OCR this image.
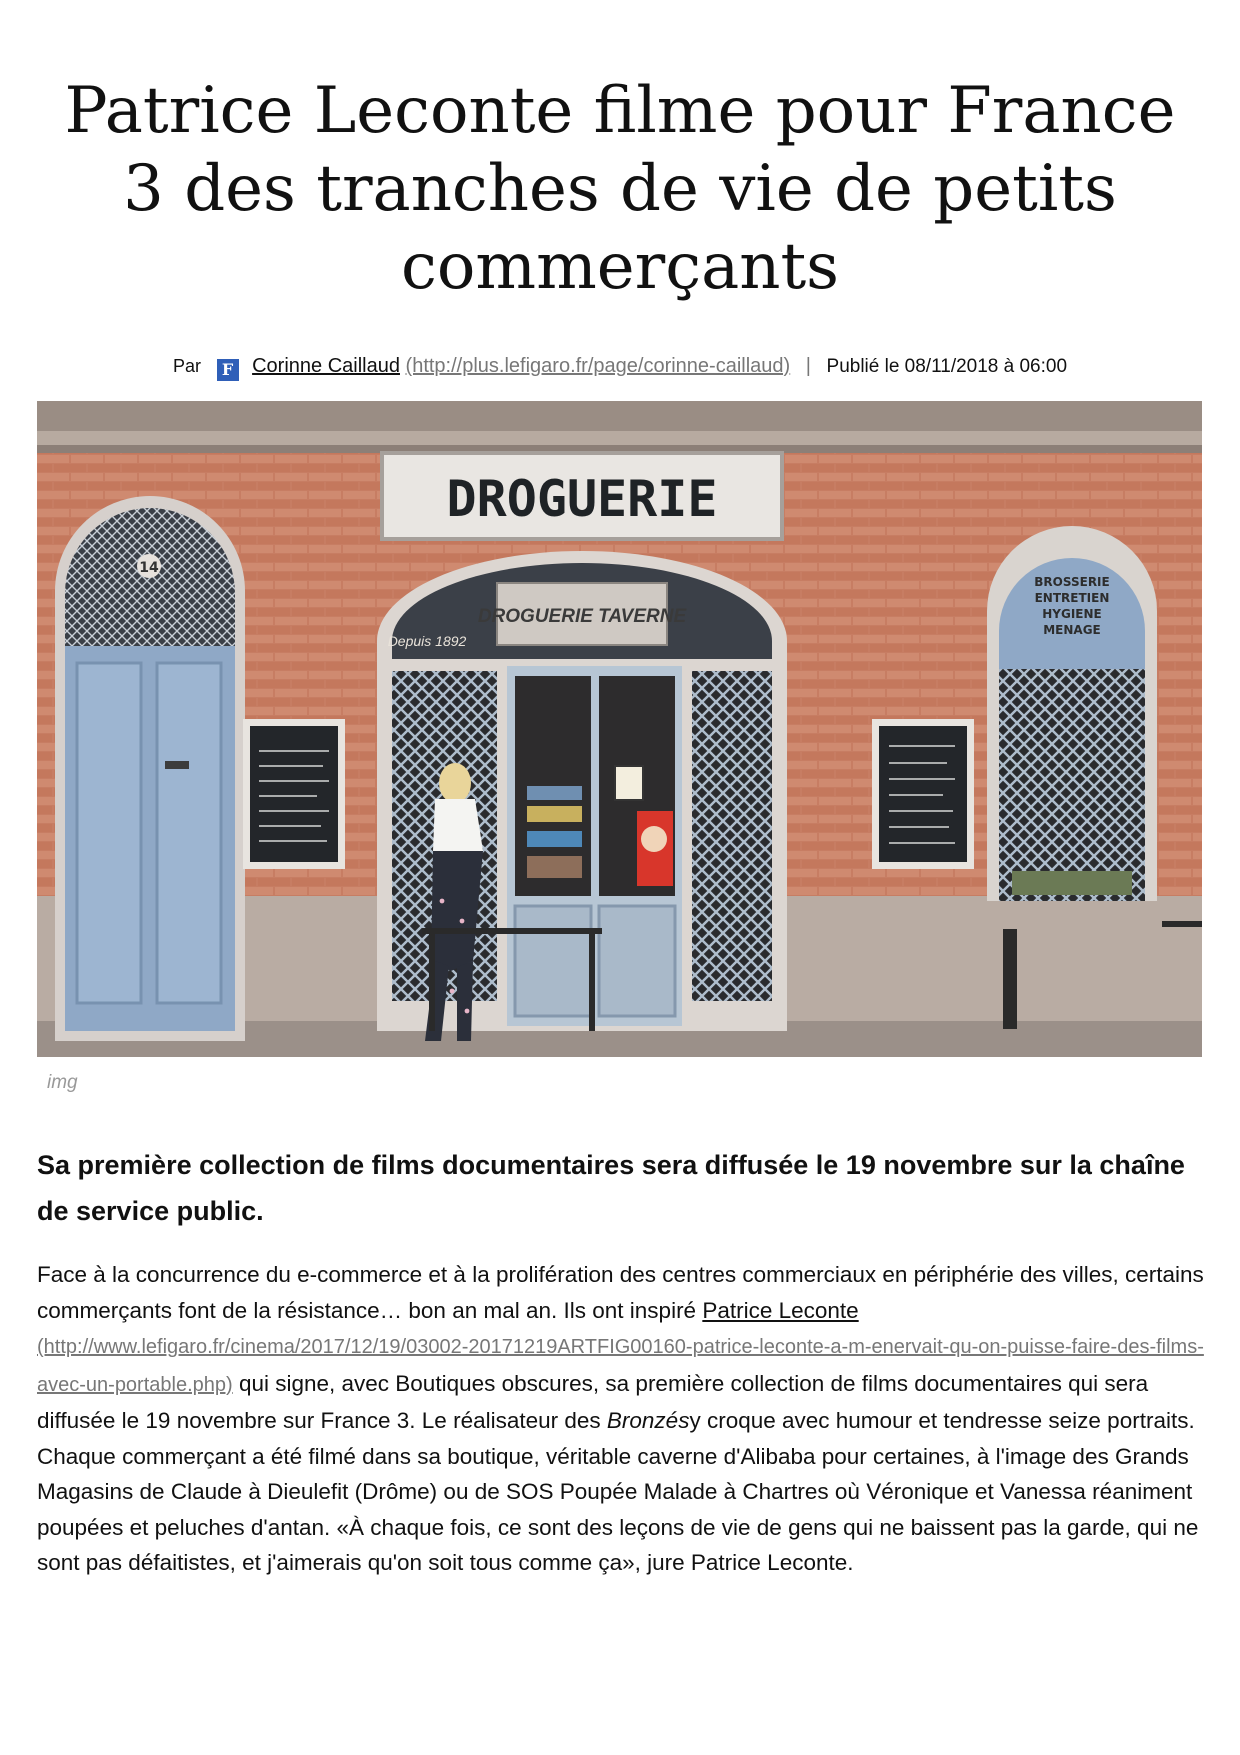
Patrice Leconte filme pour France 3 des tranches de vie de petits commerçants
Par F Corinne Caillaud (http://plus.lefigaro.fr/page/corinne-caillaud) | Publié le 08/11/2018 à 06:00
14
DROGUERIE
DROGUERIE TAVERNE
Depuis 1892
BROSSERIE
ENTRETIEN
HYGIENE
MENAGE
img

Sa première collection de films documentaires sera diffusée le 19 novembre sur la chaîne de service public.

Face à la concurrence du e-commerce et à la prolifération des centres commerciaux en périphérie des villes, certains commerçants font de la résistance… bon an mal an. Ils ont inspiré Patrice Leconte (http://www.lefigaro.fr/cinema/2017/12/19/03002-20171219ARTFIG00160-patrice-leconte-a-m-enervait-qu-on-puisse-faire-des-films-avec-un-portable.php) qui signe, avec Boutiques obscures, sa première collection de films documentaires qui sera diffusée le 19 novembre sur France 3. Le réalisateur des Bronzésy croque avec humour et tendresse seize portraits. Chaque commerçant a été filmé dans sa boutique, véritable caverne d'Alibaba pour certaines, à l'image des Grands Magasins de Claude à Dieulefit (Drôme) ou de SOS Poupée Malade à Chartres où Véronique et Vanessa réaniment poupées et peluches d'antan. «À chaque fois, ce sont des leçons de vie de gens qui ne baissent pas la garde, qui ne sont pas défaitistes, et j'aimerais qu'on soit tous comme ça», jure Patrice Leconte.
